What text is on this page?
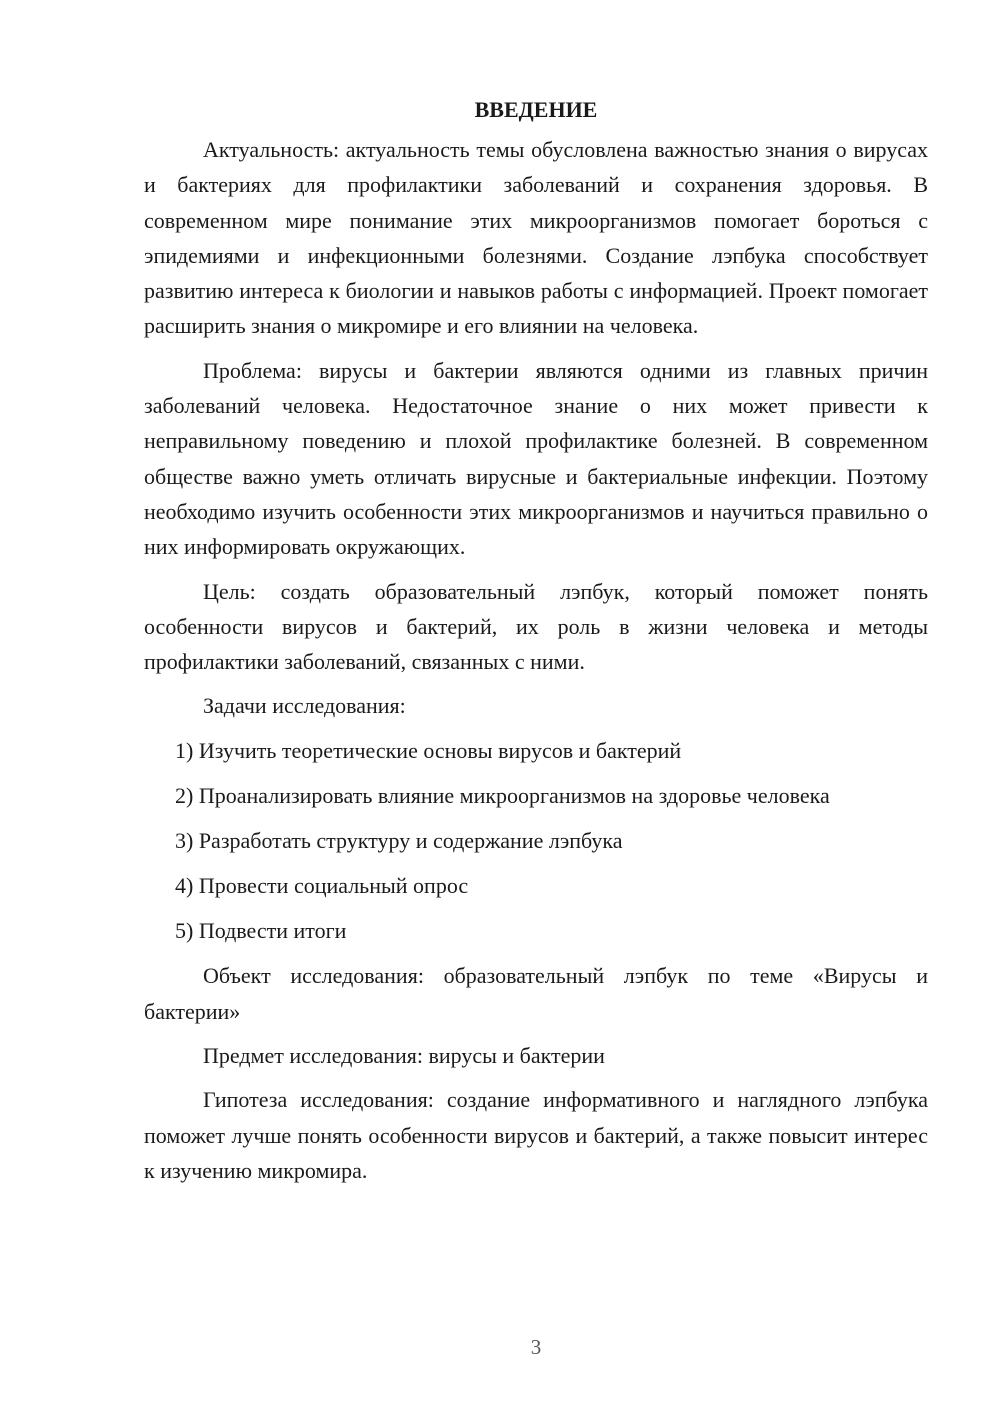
ВВЕДЕНИЕ

Актуальность: актуальность темы обусловлена важностью знания о вирусах и бактериях для профилактики заболеваний и сохранения здоровья. В современном мире понимание этих микроорганизмов помогает бороться с эпидемиями и инфекционными болезнями. Создание лэпбука способствует развитию интереса к биологии и навыков работы с информацией. Проект помогает расширить знания о микромире и его влиянии на человека.

Проблема: вирусы и бактерии являются одними из главных причин заболеваний человека. Недостаточное знание о них может привести к неправильному поведению и плохой профилактике болезней. В современном обществе важно уметь отличать вирусные и бактериальные инфекции. Поэтому необходимо изучить особенности этих микроорганизмов и научиться правильно о них информировать окружающих.

Цель: создать образовательный лэпбук, который поможет понять особенности вирусов и бактерий, их роль в жизни человека и методы профилактики заболеваний, связанных с ними.

Задачи исследования:

1) Изучить теоретические основы вирусов и бактерий
2) Проанализировать влияние микроорганизмов на здоровье человека
3) Разработать структуру и содержание лэпбука
4) Провести социальный опрос
5) Подвести итоги

Объект исследования: образовательный лэпбук по теме «Вирусы и бактерии»

Предмет исследования: вирусы и бактерии

Гипотеза исследования: создание информативного и наглядного лэпбука поможет лучше понять особенности вирусов и бактерий, а также повысит интерес к изучению микромира.

3
